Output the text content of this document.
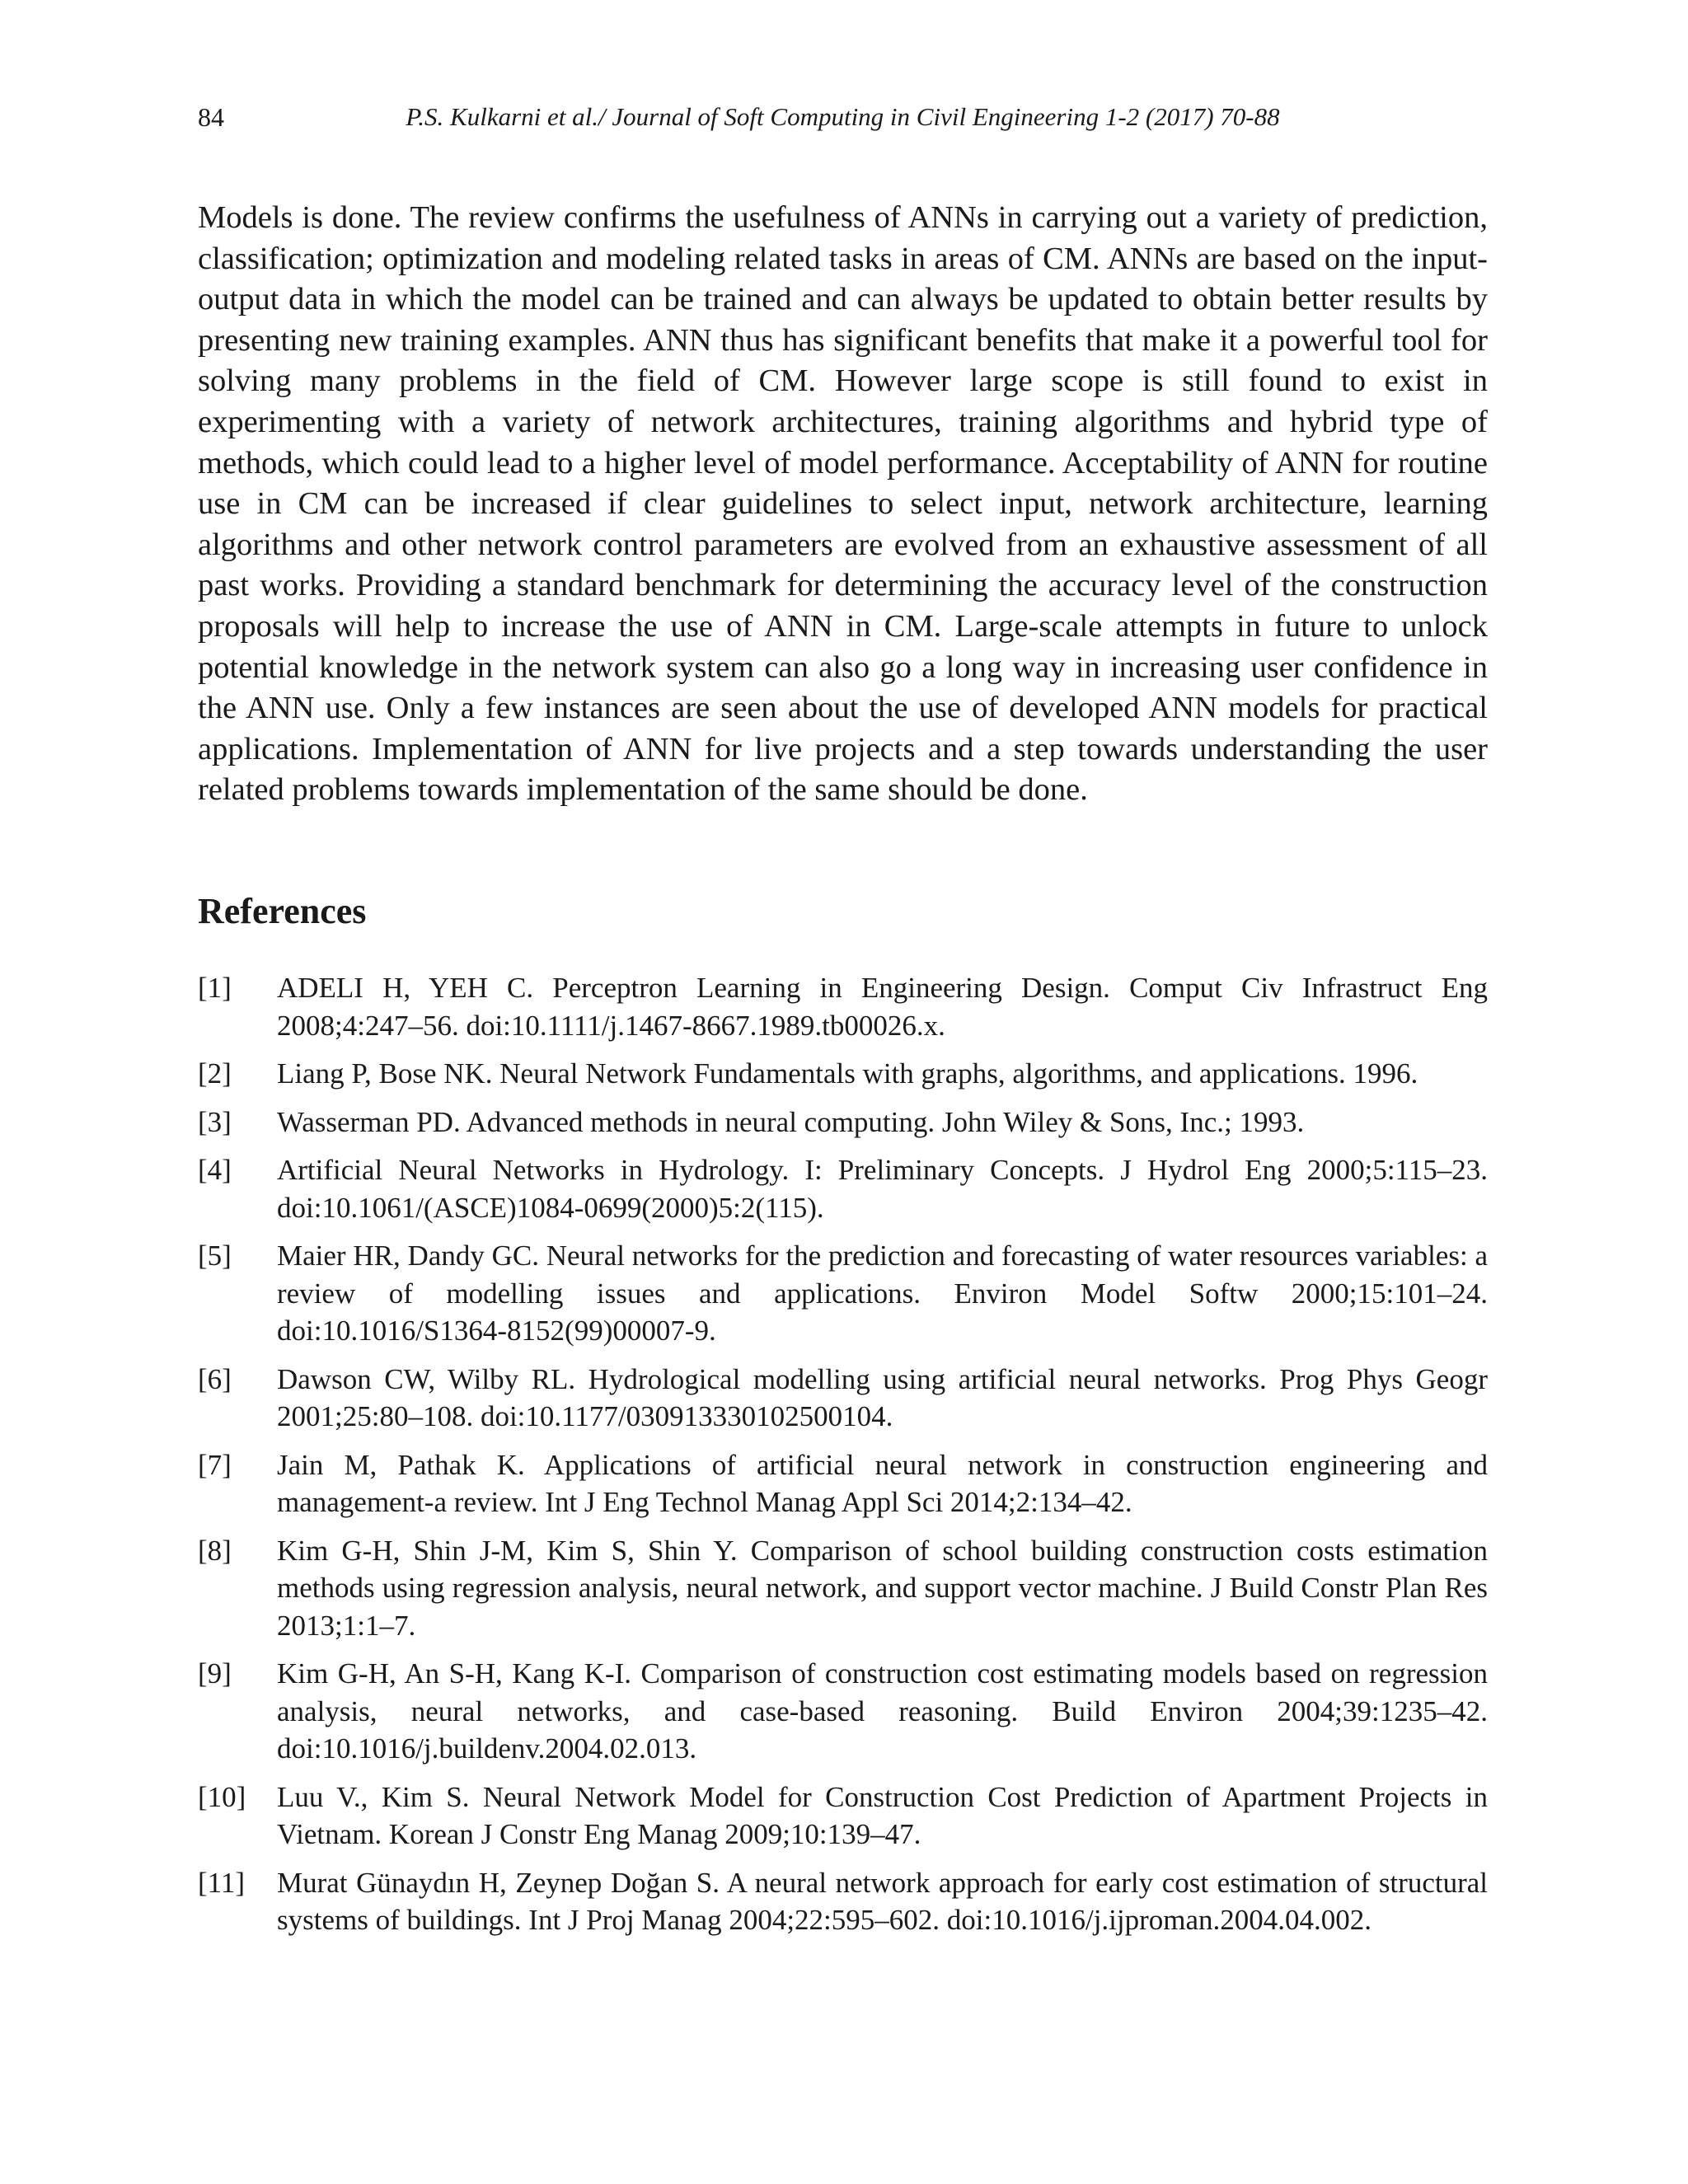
84	P.S. Kulkarni et al./ Journal of Soft Computing in Civil Engineering 1-2 (2017) 70-88

Models is done. The review confirms the usefulness of ANNs in carrying out a variety of prediction, classification; optimization and modeling related tasks in areas of CM. ANNs are based on the input-output data in which the model can be trained and can always be updated to obtain better results by presenting new training examples. ANN thus has significant benefits that make it a powerful tool for solving many problems in the field of CM. However large scope is still found to exist in experimenting with a variety of network architectures, training algorithms and hybrid type of methods, which could lead to a higher level of model performance. Acceptability of ANN for routine use in CM can be increased if clear guidelines to select input, network architecture, learning algorithms and other network control parameters are evolved from an exhaustive assessment of all past works. Providing a standard benchmark for determining the accuracy level of the construction proposals will help to increase the use of ANN in CM. Large-scale attempts in future to unlock potential knowledge in the network system can also go a long way in increasing user confidence in the ANN use. Only a few instances are seen about the use of developed ANN models for practical applications. Implementation of ANN for live projects and a step towards understanding the user related problems towards implementation of the same should be done.

References
[1] ADELI H, YEH C. Perceptron Learning in Engineering Design. Comput Civ Infrastruct Eng 2008;4:247–56. doi:10.1111/j.1467-8667.1989.tb00026.x.
[2] Liang P, Bose NK. Neural Network Fundamentals with graphs, algorithms, and applications. 1996.
[3] Wasserman PD. Advanced methods in neural computing. John Wiley & Sons, Inc.; 1993.
[4] Artificial Neural Networks in Hydrology. I: Preliminary Concepts. J Hydrol Eng 2000;5:115–23. doi:10.1061/(ASCE)1084-0699(2000)5:2(115).
[5] Maier HR, Dandy GC. Neural networks for the prediction and forecasting of water resources variables: a review of modelling issues and applications. Environ Model Softw 2000;15:101–24. doi:10.1016/S1364-8152(99)00007-9.
[6] Dawson CW, Wilby RL. Hydrological modelling using artificial neural networks. Prog Phys Geogr 2001;25:80–108. doi:10.1177/030913330102500104.
[7] Jain M, Pathak K. Applications of artificial neural network in construction engineering and management-a review. Int J Eng Technol Manag Appl Sci 2014;2:134–42.
[8] Kim G-H, Shin J-M, Kim S, Shin Y. Comparison of school building construction costs estimation methods using regression analysis, neural network, and support vector machine. J Build Constr Plan Res 2013;1:1–7.
[9] Kim G-H, An S-H, Kang K-I. Comparison of construction cost estimating models based on regression analysis, neural networks, and case-based reasoning. Build Environ 2004;39:1235–42. doi:10.1016/j.buildenv.2004.02.013.
[10] Luu V., Kim S. Neural Network Model for Construction Cost Prediction of Apartment Projects in Vietnam. Korean J Constr Eng Manag 2009;10:139–47.
[11] Murat Günaydın H, Zeynep Doğan S. A neural network approach for early cost estimation of structural systems of buildings. Int J Proj Manag 2004;22:595–602. doi:10.1016/j.ijproman.2004.04.002.
